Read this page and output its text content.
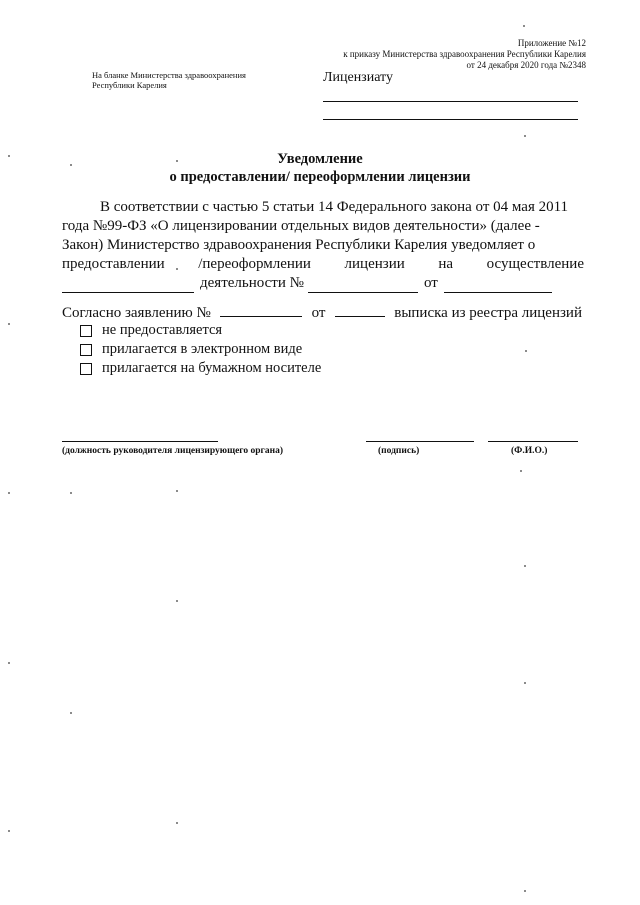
Приложение №12
к приказу Министерства здравоохранения Республики Карелия
от 24 декабря 2020 года №2348
На бланке Министерства здравоохранения
Республики Карелия	Лицензиату
Уведомление
о предоставлении/ переоформлении лицензии
В соответствии с частью 5 статьи 14 Федерального закона от 04 мая 2011
года №99-ФЗ «О лицензировании отдельных видов деятельности» (далее -
Закон) Министерство здравоохранения Республики Карелия уведомляет о
предоставлении /переоформлении лицензии на осуществление
деятельности №	от
Согласно заявлению №	от	выписка из реестра лицензий
не предоставляется
прилагается в электронном виде
прилагается на бумажном носителе
(должность руководителя лицензирующего органа)	(подпись)	(Ф.И.О.)
